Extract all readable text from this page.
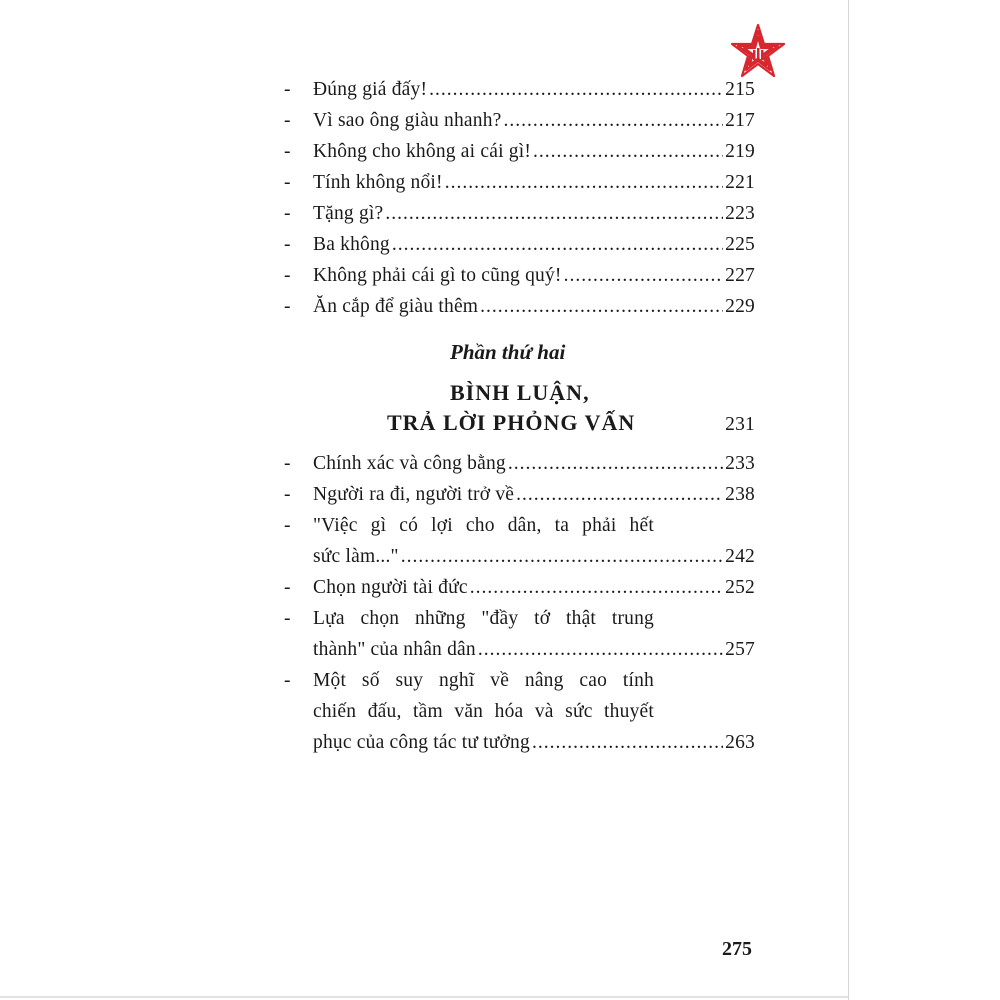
-	Đúng giá đấy! .....	215
-	Vì sao ông giàu nhanh? .....	217
-	Không cho không ai cái gì! .....	219
-	Tính không nổi! .....	221
-	Tặng gì? .....	223
-	Ba không .....	225
-	Không phải cái gì to cũng quý! .....	227
-	Ăn cắp để giàu thêm .....	229
Phần thứ hai
BÌNH LUẬN,
TRẢ LỜI PHỎNG VẤN	231
-	Chính xác và công bằng .....	233
-	Người ra đi, người trở về .....	238
-	"Việc gì có lợi cho dân, ta phải hết
sức làm..." .....	242
-	Chọn người tài đức .....	252
-	Lựa chọn những "đầy tớ thật trung
thành" của nhân dân .....	257
-	Một số suy nghĩ về nâng cao tính
chiến đấu, tầm văn hóa và sức thuyết
phục của công tác tư tưởng .....	263
275
